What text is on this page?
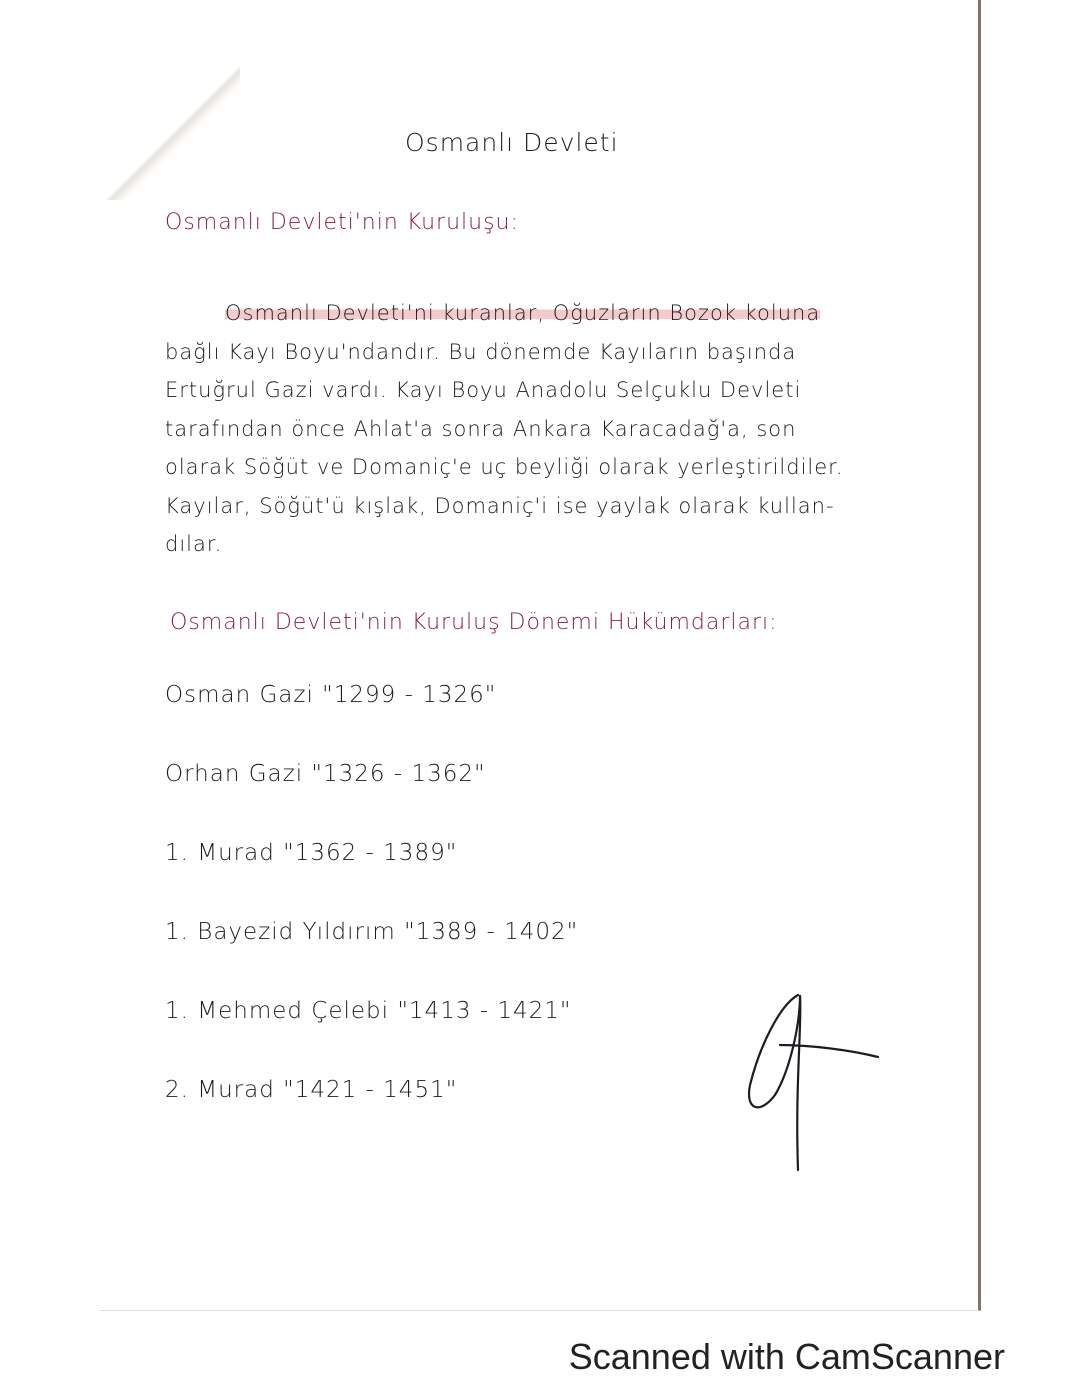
Osmanlı Devleti
Osmanlı Devleti'nin Kuruluşu:
Osmanlı Devleti'ni kuranlar, Oğuzların Bozok koluna
bağlı Kayı Boyu'ndandır. Bu dönemde Kayıların başında
Ertuğrul Gazi vardı. Kayı Boyu Anadolu Selçuklu Devleti
tarafından önce Ahlat'a sonra Ankara Karacadağ'a, son
olarak Söğüt ve Domaniç'e uç beyliği olarak yerleştirildiler.
Kayılar, Söğüt'ü kışlak, Domaniç'i ise yaylak olarak kullan-
dılar.
Osmanlı Devleti'nin Kuruluş Dönemi Hükümdarları:
Osman Gazi "1299 - 1326"
Orhan Gazi "1326 - 1362"
1. Murad "1362 - 1389"
1. Bayezid Yıldırım "1389 - 1402"
1. Mehmed Çelebi "1413 - 1421"
2. Murad "1421 - 1451"
Scanned with CamScanner
